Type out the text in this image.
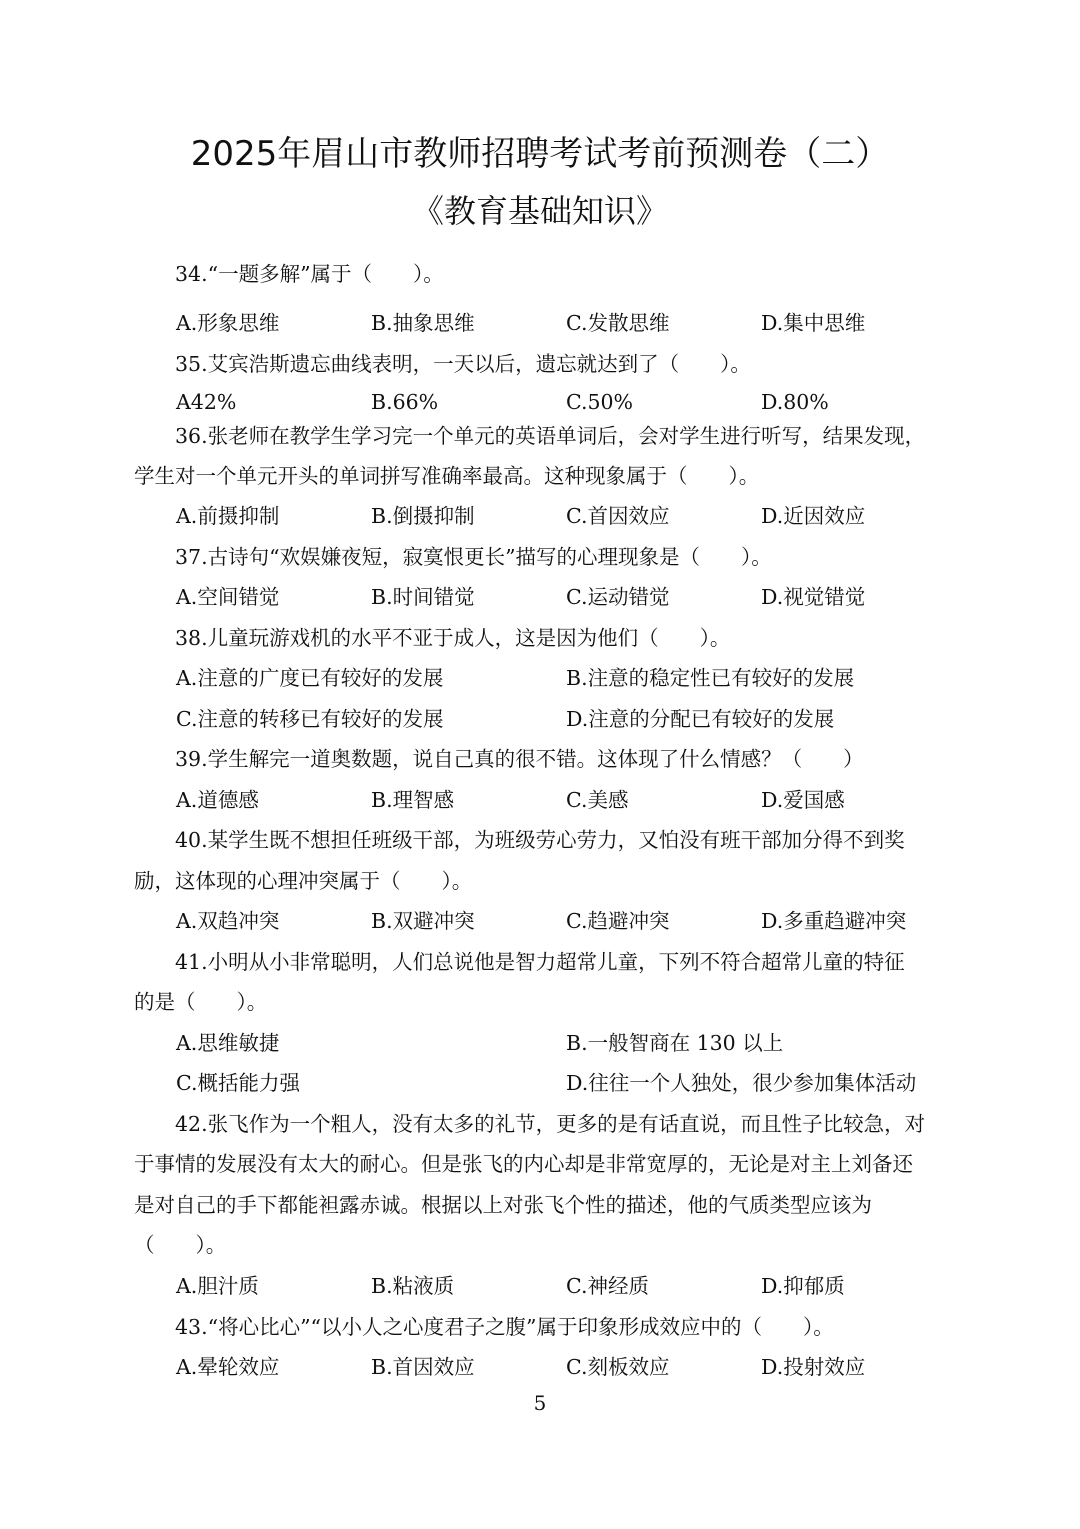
2025年眉山市教师招聘考试考前预测卷（二）
《教育基础知识》
34.“一题多解”属于（　　）。
A.形象思维	B.抽象思维	C.发散思维	D.集中思维
35.艾宾浩斯遗忘曲线表明，一天以后，遗忘就达到了（　　）。
A42%	B.66%	C.50%	D.80%
36.张老师在教学生学习完一个单元的英语单词后，会对学生进行听写，结果发现，
学生对一个单元开头的单词拼写准确率最高。这种现象属于（　　）。
A.前摄抑制	B.倒摄抑制	C.首因效应	D.近因效应
37.古诗句“欢娱嫌夜短，寂寞恨更长”描写的心理现象是（　　）。
A.空间错觉	B.时间错觉	C.运动错觉	D.视觉错觉
38.儿童玩游戏机的水平不亚于成人，这是因为他们（　　）。
A.注意的广度已有较好的发展	B.注意的稳定性已有较好的发展
C.注意的转移已有较好的发展	D.注意的分配已有较好的发展
39.学生解完一道奥数题，说自己真的很不错。这体现了什么情感？（　　）
A.道德感	B.理智感	C.美感	D.爱国感
40.某学生既不想担任班级干部，为班级劳心劳力，又怕没有班干部加分得不到奖
励，这体现的心理冲突属于（　　）。
A.双趋冲突	B.双避冲突	C.趋避冲突	D.多重趋避冲突
41.小明从小非常聪明，人们总说他是智力超常儿童，下列不符合超常儿童的特征
的是（　　）。
A.思维敏捷	B.一般智商在 130 以上
C.概括能力强	D.往往一个人独处，很少参加集体活动
42.张飞作为一个粗人，没有太多的礼节，更多的是有话直说，而且性子比较急，对
于事情的发展没有太大的耐心。但是张飞的内心却是非常宽厚的，无论是对主上刘备还
是对自己的手下都能袒露赤诚。根据以上对张飞个性的描述，他的气质类型应该为
（　　）。
A.胆汁质	B.粘液质	C.神经质	D.抑郁质
43.“将心比心”“以小人之心度君子之腹”属于印象形成效应中的（　　）。
A.晕轮效应	B.首因效应	C.刻板效应	D.投射效应
5
